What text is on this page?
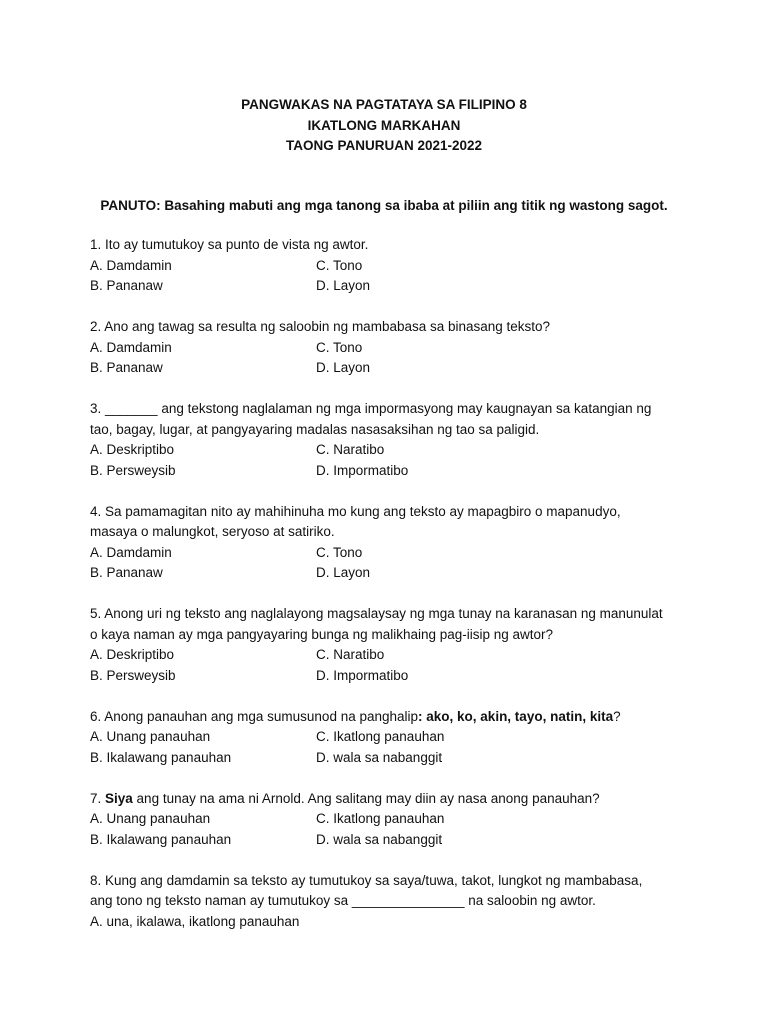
PANGWAKAS NA PAGTATAYA SA FILIPINO 8
IKATLONG MARKAHAN
TAONG PANURUAN 2021-2022
PANUTO: Basahing mabuti ang mga tanong sa ibaba at piliin ang titik ng wastong sagot.
1. Ito ay tumutukoy sa punto de vista ng awtor.
A. Damdamin	C. Tono
B. Pananaw	D. Layon
2. Ano ang tawag sa resulta ng saloobin ng mambabasa sa binasang teksto?
A. Damdamin	C. Tono
B. Pananaw	D. Layon
3. _______ ang tekstong naglalaman ng mga impormasyong may kaugnayan sa katangian ng
tao, bagay, lugar, at pangyayaring madalas nasasaksihan ng tao sa paligid.
A. Deskriptibo	C. Naratibo
B. Persweysib	D. Impormatibo
4. Sa pamamagitan nito ay mahihinuha mo kung ang teksto ay mapagbiro o mapanudyo,
masaya o malungkot, seryoso at satiriko.
A. Damdamin	C. Tono
B. Pananaw	D. Layon
5. Anong uri ng teksto ang naglalayong magsalaysay ng mga tunay na karanasan ng manunulat
o kaya naman ay mga pangyayaring bunga ng malikhaing pag-iisip ng awtor?
A. Deskriptibo	C. Naratibo
B. Persweysib	D. Impormatibo
6. Anong panauhan ang mga sumusunod na panghalip: ako, ko, akin, tayo, natin, kita?
A. Unang panauhan	C. Ikatlong panauhan
B. Ikalawang panauhan	D. wala sa nabanggit
7. Siya ang tunay na ama ni Arnold. Ang salitang may diin ay nasa anong panauhan?
A. Unang panauhan	C. Ikatlong panauhan
B. Ikalawang panauhan	D. wala sa nabanggit
8. Kung ang damdamin sa teksto ay tumutukoy sa saya/tuwa, takot, lungkot ng mambabasa,
ang tono ng teksto naman ay tumutukoy sa _______________ na saloobin ng awtor.
A. una, ikalawa, ikatlong panauhan
